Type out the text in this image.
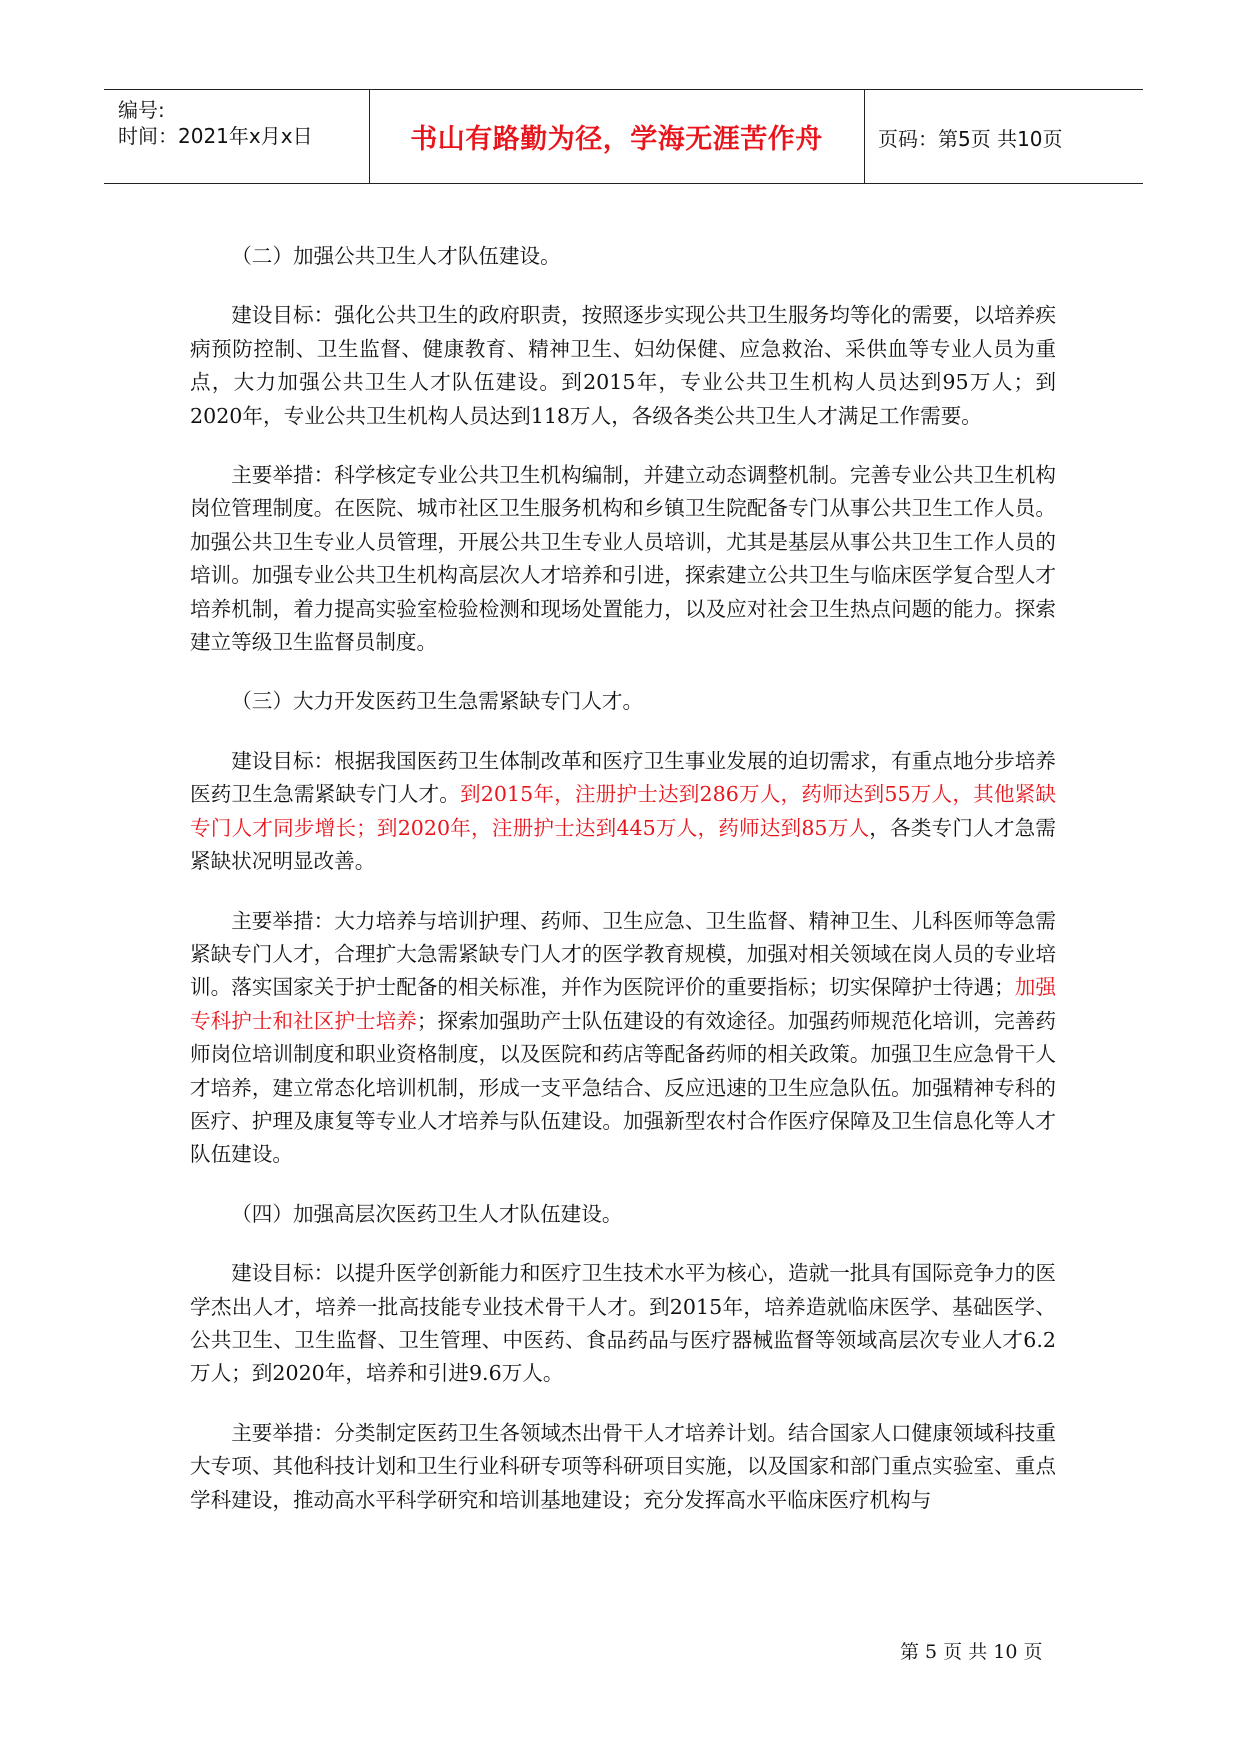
编号:
时间：2021年x月x日	书山有路勤为径，学海无涯苦作舟	页码：第5页 共10页

（二）加强公共卫生人才队伍建设。

建设目标：强化公共卫生的政府职责，按照逐步实现公共卫生服务均等化的需要，以培养疾病预防控制、卫生监督、健康教育、精神卫生、妇幼保健、应急救治、采供血等专业人员为重点，大力加强公共卫生人才队伍建设。到2015年，专业公共卫生机构人员达到95万人；到2020年，专业公共卫生机构人员达到118万人，各级各类公共卫生人才满足工作需要。

主要举措：科学核定专业公共卫生机构编制，并建立动态调整机制。完善专业公共卫生机构岗位管理制度。在医院、城市社区卫生服务机构和乡镇卫生院配备专门从事公共卫生工作人员。加强公共卫生专业人员管理，开展公共卫生专业人员培训，尤其是基层从事公共卫生工作人员的培训。加强专业公共卫生机构高层次人才培养和引进，探索建立公共卫生与临床医学复合型人才培养机制，着力提高实验室检验检测和现场处置能力，以及应对社会卫生热点问题的能力。探索建立等级卫生监督员制度。

（三）大力开发医药卫生急需紧缺专门人才。

建设目标：根据我国医药卫生体制改革和医疗卫生事业发展的迫切需求，有重点地分步培养医药卫生急需紧缺专门人才。到2015年，注册护士达到286万人，药师达到55万人，其他紧缺专门人才同步增长；到2020年，注册护士达到445万人，药师达到85万人，各类专门人才急需紧缺状况明显改善。

主要举措：大力培养与培训护理、药师、卫生应急、卫生监督、精神卫生、儿科医师等急需紧缺专门人才，合理扩大急需紧缺专门人才的医学教育规模，加强对相关领域在岗人员的专业培训。落实国家关于护士配备的相关标准，并作为医院评价的重要指标；切实保障护士待遇；加强专科护士和社区护士培养；探索加强助产士队伍建设的有效途径。加强药师规范化培训，完善药师岗位培训制度和职业资格制度，以及医院和药店等配备药师的相关政策。加强卫生应急骨干人才培养，建立常态化培训机制，形成一支平急结合、反应迅速的卫生应急队伍。加强精神专科的医疗、护理及康复等专业人才培养与队伍建设。加强新型农村合作医疗保障及卫生信息化等人才队伍建设。

（四）加强高层次医药卫生人才队伍建设。

建设目标：以提升医学创新能力和医疗卫生技术水平为核心，造就一批具有国际竞争力的医学杰出人才，培养一批高技能专业技术骨干人才。到2015年，培养造就临床医学、基础医学、公共卫生、卫生监督、卫生管理、中医药、食品药品与医疗器械监督等领域高层次专业人才6.2万人；到2020年，培养和引进9.6万人。

主要举措：分类制定医药卫生各领域杰出骨干人才培养计划。结合国家人口健康领域科技重大专项、其他科技计划和卫生行业科研专项等科研项目实施，以及国家和部门重点实验室、重点学科建设，推动高水平科学研究和培训基地建设；充分发挥高水平临床医疗机构与

第 5 页 共 10 页
